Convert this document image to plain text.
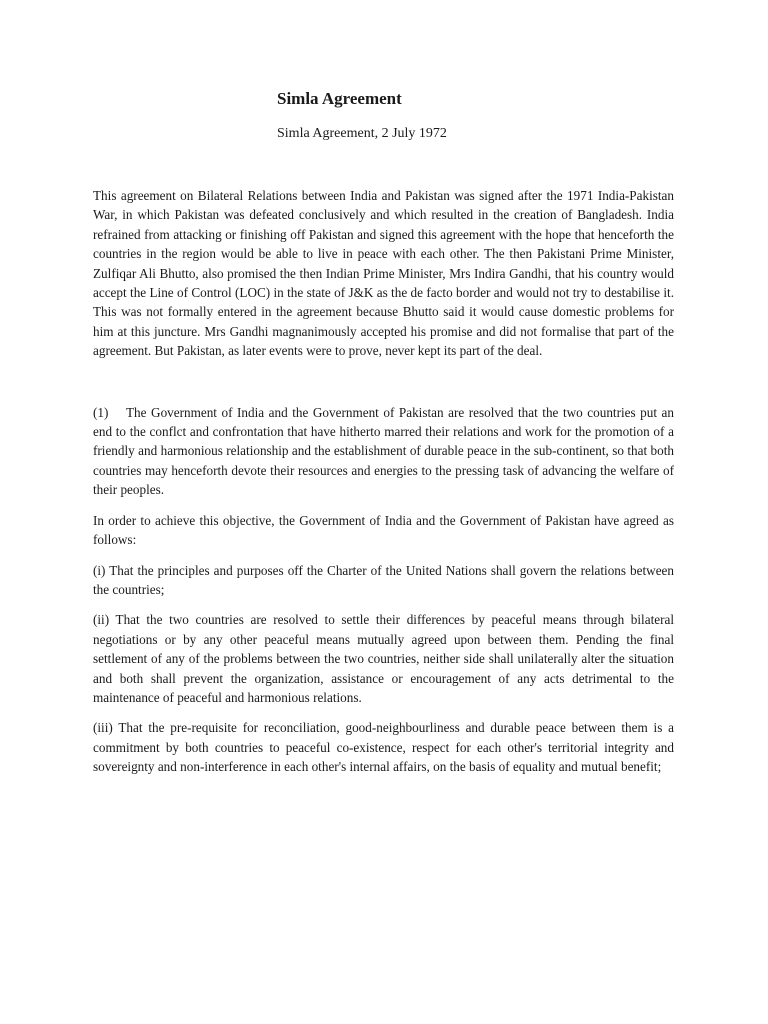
Simla Agreement

Simla Agreement, 2 July 1972

This agreement on Bilateral Relations between India and Pakistan was signed after the 1971 India-Pakistan War, in which Pakistan was defeated conclusively and which resulted in the creation of Bangladesh. India refrained from attacking or finishing off Pakistan and signed this agreement with the hope that henceforth the countries in the region would be able to live in peace with each other. The then Pakistani Prime Minister, Zulfiqar Ali Bhutto, also promised the then Indian Prime Minister, Mrs Indira Gandhi, that his country would accept the Line of Control (LOC) in the state of J&K as the de facto border and would not try to destabilise it. This was not formally entered in the agreement because Bhutto said it would cause domestic problems for him at this juncture. Mrs Gandhi magnanimously accepted his promise and did not formalise that part of the agreement. But Pakistan, as later events were to prove, never kept its part of the deal.

(1) The Government of India and the Government of Pakistan are resolved that the two countries put an end to the conflct and confrontation that have hitherto marred their relations and work for the promotion of a friendly and harmonious relationship and the establishment of durable peace in the sub-continent, so that both countries may henceforth devote their resources and energies to the pressing task of advancing the welfare of their peoples.

In order to achieve this objective, the Government of India and the Government of Pakistan have agreed as follows:

(i) That the principles and purposes off the Charter of the United Nations shall govern the relations between the countries;

(ii) That the two countries are resolved to settle their differences by peaceful means through bilateral negotiations or by any other peaceful means mutually agreed upon between them. Pending the final settlement of any of the problems between the two countries, neither side shall unilaterally alter the situation and both shall prevent the organization, assistance or encouragement of any acts detrimental to the maintenance of peaceful and harmonious relations.

(iii) That the pre-requisite for reconciliation, good-neighbourliness and durable peace between them is a commitment by both countries to peaceful co-existence, respect for each other's territorial integrity and sovereignty and non-interference in each other's internal affairs, on the basis of equality and mutual benefit;
